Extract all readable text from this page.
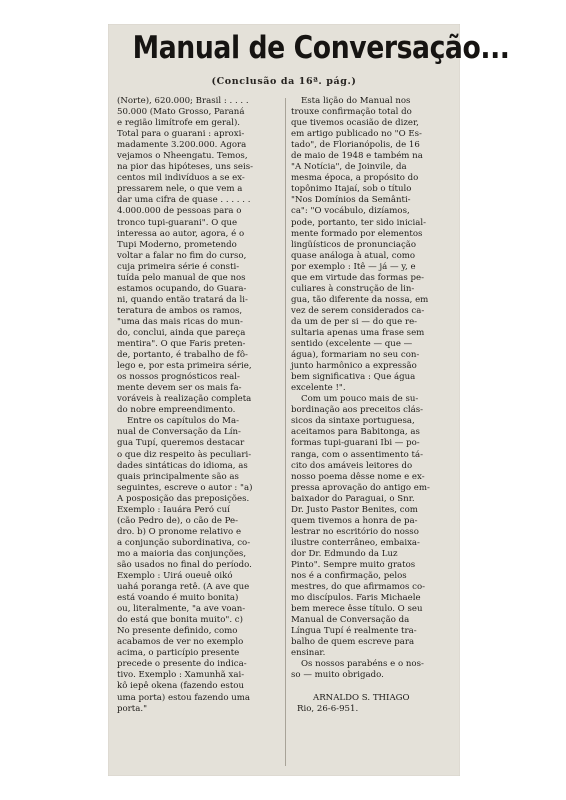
Manual de Conversação...
(Conclusão da 16ª. pág.)
(Norte), 620.000; Brasil : . . . .
50.000 (Mato Grosso, Paraná
e região limítrofe em geral).
Total para o guarani : aproxi-
madamente 3.200.000. Agora
vejamos o Nheengatu. Temos,
na pior das hipóteses, uns seis-
centos mil indivíduos a se ex-
pressarem nele, o que vem a
dar uma cifra de quase . . . . . .
4.000.000 de pessoas para o
tronco tupi-guarani". O que
interessa ao autor, agora, é o
Tupi Moderno, prometendo
voltar a falar no fim do curso,
cuja primeira série é consti-
tuída pelo manual de que nos
estamos ocupando, do Guara-
ni, quando então tratará da li-
teratura de ambos os ramos,
"uma das mais ricas do mun-
do, conclui, ainda que pareça
mentira". O que Faris preten-
de, portanto, é trabalho de fô-
lego e, por esta primeira série,
os nossos prognósticos real-
mente devem ser os mais fa-
voráveis à realização completa
do nobre empreendimento.
Entre os capítulos do Ma-
nual de Conversação da Lín-
gua Tupí, queremos destacar
o que diz respeito às peculiari-
dades sintáticas do idioma, as
quais principalmente são as
seguintes, escreve o autor : "a)
A posposição das preposições.
Exemplo : Iauára Peró cuí
(cão Pedro de), o cão de Pe-
dro. b) O pronome relativo e
a conjunção subordinativa, co-
mo a maioria das conjunções,
são usados no final do período.
Exemplo : Uirá oueuê oikó
uahá poranga retê. (A ave que
está voando é muito bonita)
ou, literalmente, "a ave voan-
do está que bonita muito". c)
No presente definido, como
acabamos de ver no exemplo
acima, o particípio presente
precede o presente do indica-
tivo. Exemplo : Xamunhã xai-
kô iepê okena (fazendo estou
uma porta) estou fazendo uma
porta."
Esta lição do Manual nos
trouxe confirmação total do
que tivemos ocasião de dizer,
em artigo publicado no "O Es-
tado", de Florianópolis, de 16
de maio de 1948 e também na
"A Notícia", de Joinvile, da
mesma época, a propósito do
topônimo Itajaí, sob o título
"Nos Domínios da Semânti-
ca": "O vocábulo, dizíamos,
pode, portanto, ter sido inicial-
mente formado por elementos
lingüísticos de pronunciação
quase análoga à atual, como
por exemplo : Itê — já — y, e
que em virtude das formas pe-
culiares à construção de lin-
gua, tão diferente da nossa, em
vez de serem considerados ca-
da um de per si — do que re-
sultaria apenas uma frase sem
sentido (excelente — que —
água), formariam no seu con-
junto harmônico a expressão
bem significativa : Que água
excelente !".
Com um pouco mais de su-
bordinação aos preceitos clás-
sicos da sintaxe portuguesa,
aceitamos para Babitonga, as
formas tupi-guarani Ibi — po-
ranga, com o assentimento tá-
cito dos amáveis leitores do
nosso poema dêsse nome e ex-
pressa aprovação do antigo em-
baixador do Paraguai, o Snr.
Dr. Justo Pastor Benites, com
quem tivemos a honra de pa-
lestrar no escritório do nosso
ilustre conterrâneo, embaixa-
dor Dr. Edmundo da Luz
Pinto". Sempre muito gratos
nos é a confirmação, pelos
mestres, do que afirmamos co-
mo discípulos. Faris Michaele
bem merece êsse título. O seu
Manual de Conversação da
Língua Tupí é realmente tra-
balho de quem escreve para
ensinar.
Os nossos parabéns e o nos-
so — muito obrigado.
ARNALDO S. THIAGO
Rio, 26-6-951.
